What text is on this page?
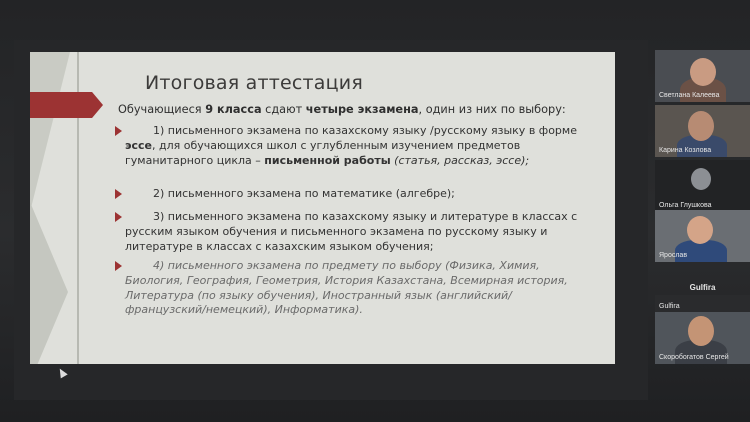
Итоговая аттестация
Обучающиеся 9 класса сдают четыре экзамена, один из них по выбору:
1) письменного экзамена по казахскому языку /русскому языку в форме эссе, для обучающихся школ с углубленным изучением предметов гуманитарного цикла – письменной работы (статья, рассказ, эссе);
2) письменного экзамена по математике (алгебре);
3) письменного экзамена по казахскому языку и литературе в классах с русским языком обучения и письменного экзамена по русскому языку и литературе в классах с казахским языком обучения;
4) письменного экзамена по предмету по выбору (Физика, Химия, Биология, География, Геометрия, История Казахстана, Всемирная история, Литература (по языку обучения), Иностранный язык (английский/ французский/немецкий), Информатика).
Светлана Калеева
Карина Козлова
Ольга Глушкова
Ярослав
Gulfira
Gulfira
Скоробогатов Сергей
